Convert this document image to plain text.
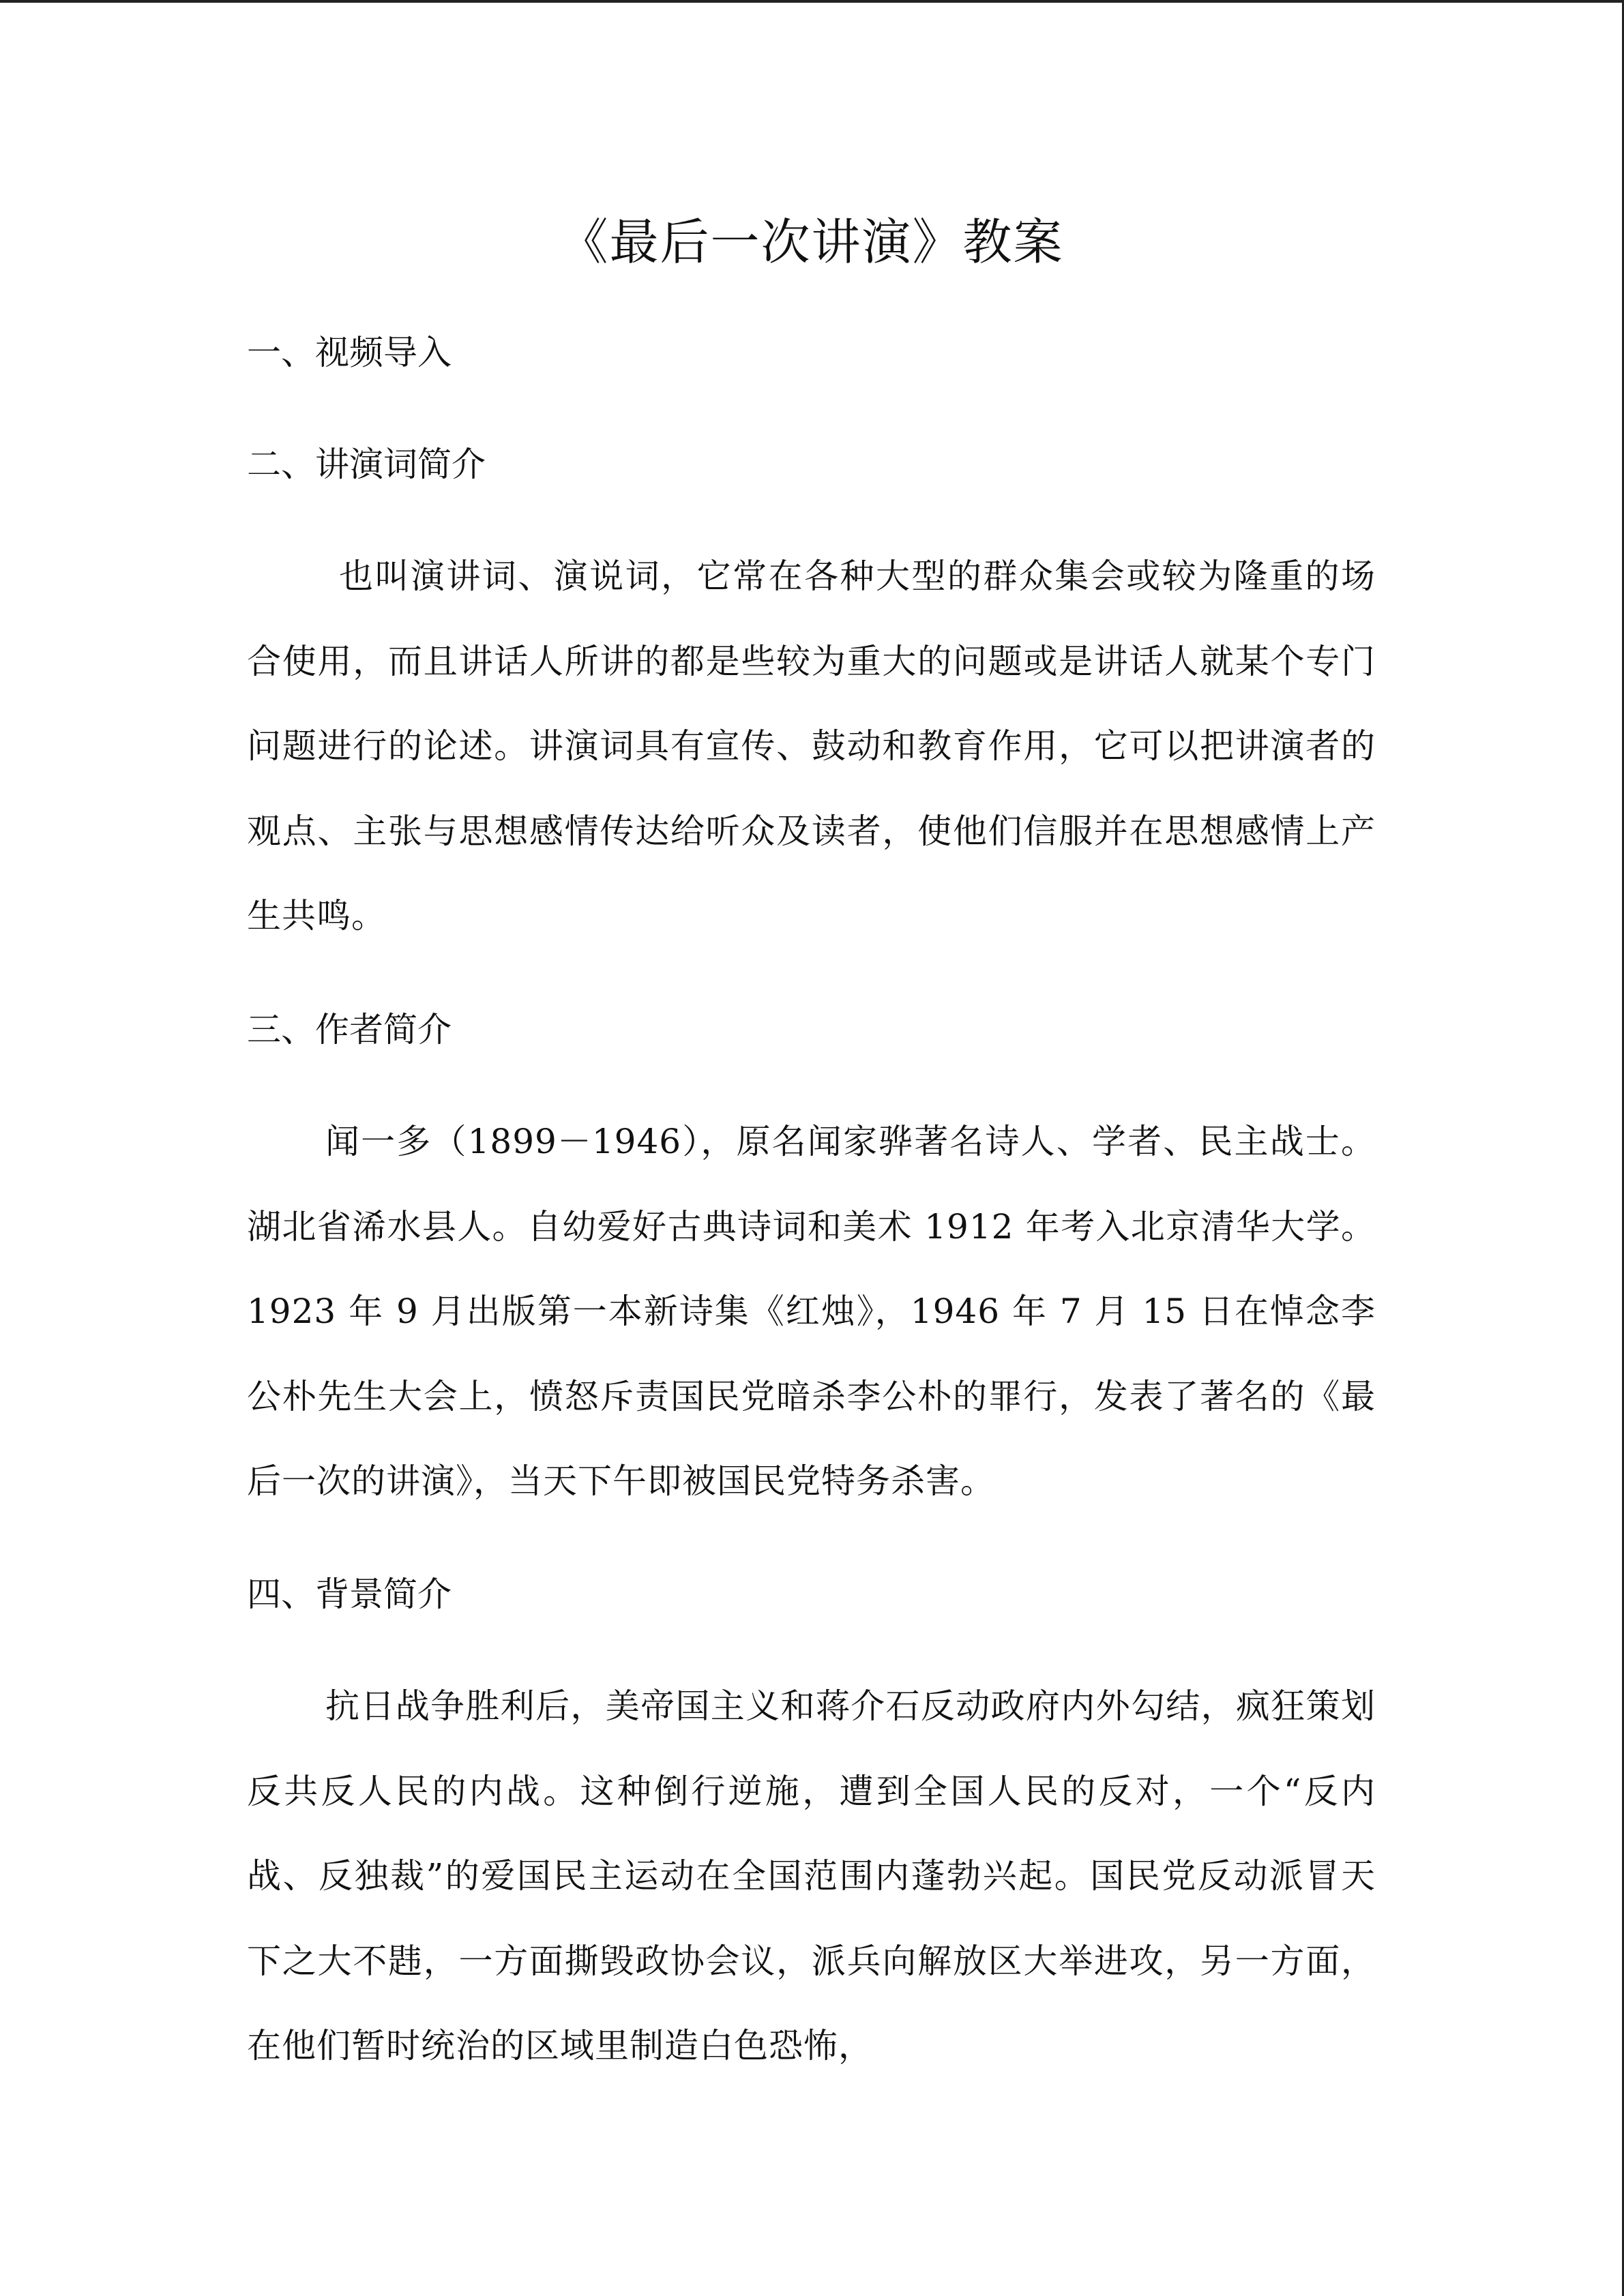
《最后一次讲演》教案
一、视频导入
二、讲演词简介

也叫演讲词、演说词，它常在各种大型的群众集会或较为隆重的场合使用，而且讲话人所讲的都是些较为重大的问题或是讲话人就某个专门问题进行的论述。讲演词具有宣传、鼓动和教育作用，它可以把讲演者的观点、主张与思想感情传达给听众及读者，使他们信服并在思想感情上产生共鸣。

三、作者简介

闻一多（1899－1946），原名闻家骅著名诗人、学者、民主战士。湖北省浠水县人。自幼爱好古典诗词和美术 1912 年考入北京清华大学。1923 年 9 月出版第一本新诗集《红烛》，1946 年 7 月 15 日在悼念李公朴先生大会上，愤怒斥责国民党暗杀李公朴的罪行，发表了著名的《最后一次的讲演》，当天下午即被国民党特务杀害。

四、背景简介

抗日战争胜利后，美帝国主义和蒋介石反动政府内外勾结，疯狂策划反共反人民的内战。这种倒行逆施，遭到全国人民的反对，一个“反内战、反独裁”的爱国民主运动在全国范围内蓬勃兴起。国民党反动派冒天下之大不韪，一方面撕毁政协会议，派兵向解放区大举进攻，另一方面，在他们暂时统治的区域里制造白色恐怖，
